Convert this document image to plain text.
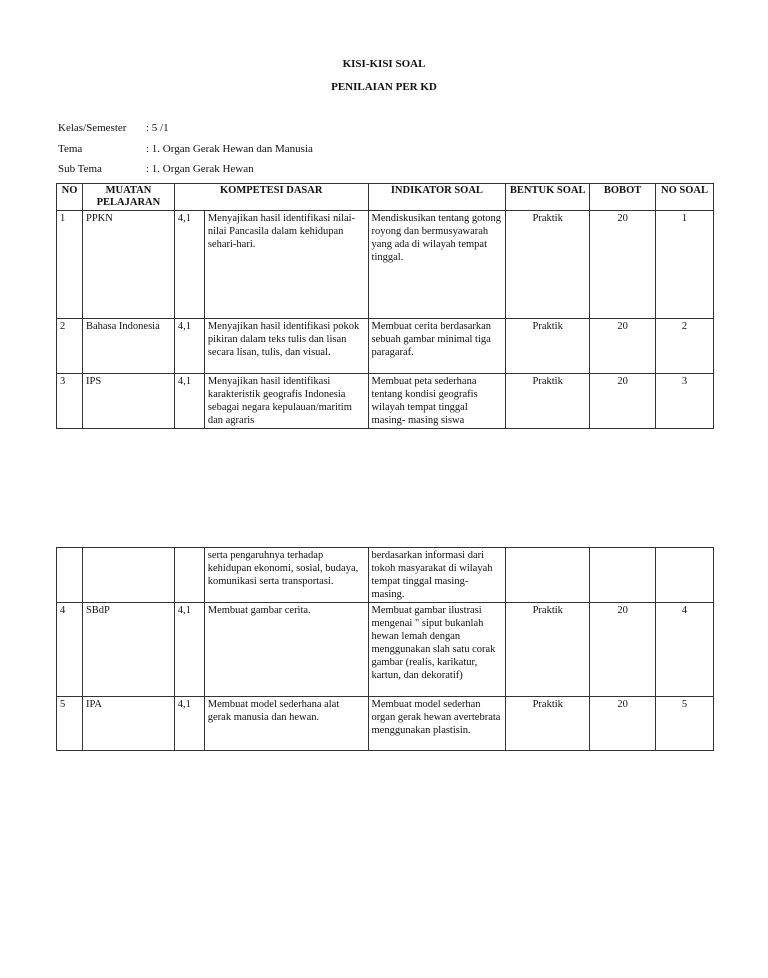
KISI-KISI SOAL
PENILAIAN PER KD
Kelas/Semester : 5 /1
Tema	: 1. Organ Gerak Hewan dan Manusia
Sub Tema	: 1. Organ Gerak Hewan
NO	MUATAN PELAJARAN	KOMPETESI DASAR		INDIKATOR SOAL	BENTUK SOAL	BOBOT	NO SOAL
1	PPKN	4,1	Menyajikan hasil identifikasi nilai-nilai Pancasila dalam kehidupan sehari-hari.	Mendiskusikan tentang gotong royong dan bermusyawarah yang ada di wilayah tempat tinggal.	Praktik	20	1
2	Bahasa Indonesia	4,1	Menyajikan hasil identifikasi pokok pikiran dalam teks tulis dan lisan secara lisan, tulis, dan visual.	Membuat cerita berdasarkan sebuah gambar minimal tiga paragaraf.	Praktik	20	2
3	IPS	4,1	Menyajikan hasil identifikasi karakteristik geografis Indonesia sebagai negara kepulauan/maritim dan agraris	Membuat peta sederhana tentang kondisi geografis wilayah tempat tinggal masing- masing siswa	Praktik	20	3
			serta pengaruhnya terhadap kehidupan ekonomi, sosial, budaya, komunikasi serta transportasi.	berdasarkan informasi dari tokoh masyarakat di wilayah tempat tinggal masing- masing.			
4	SBdP	4,1	Membuat gambar cerita.	Membuat gambar ilustrasi mengenai " siput bukanlah hewan lemah dengan menggunakan slah satu corak gambar (realis, karikatur, kartun, dan dekoratif)	Praktik	20	4
5	IPA	4,1	Membuat model sederhana alat gerak manusia dan hewan.	Membuat model sederhan organ gerak hewan avertebrata menggunakan plastisin.	Praktik	20	5
